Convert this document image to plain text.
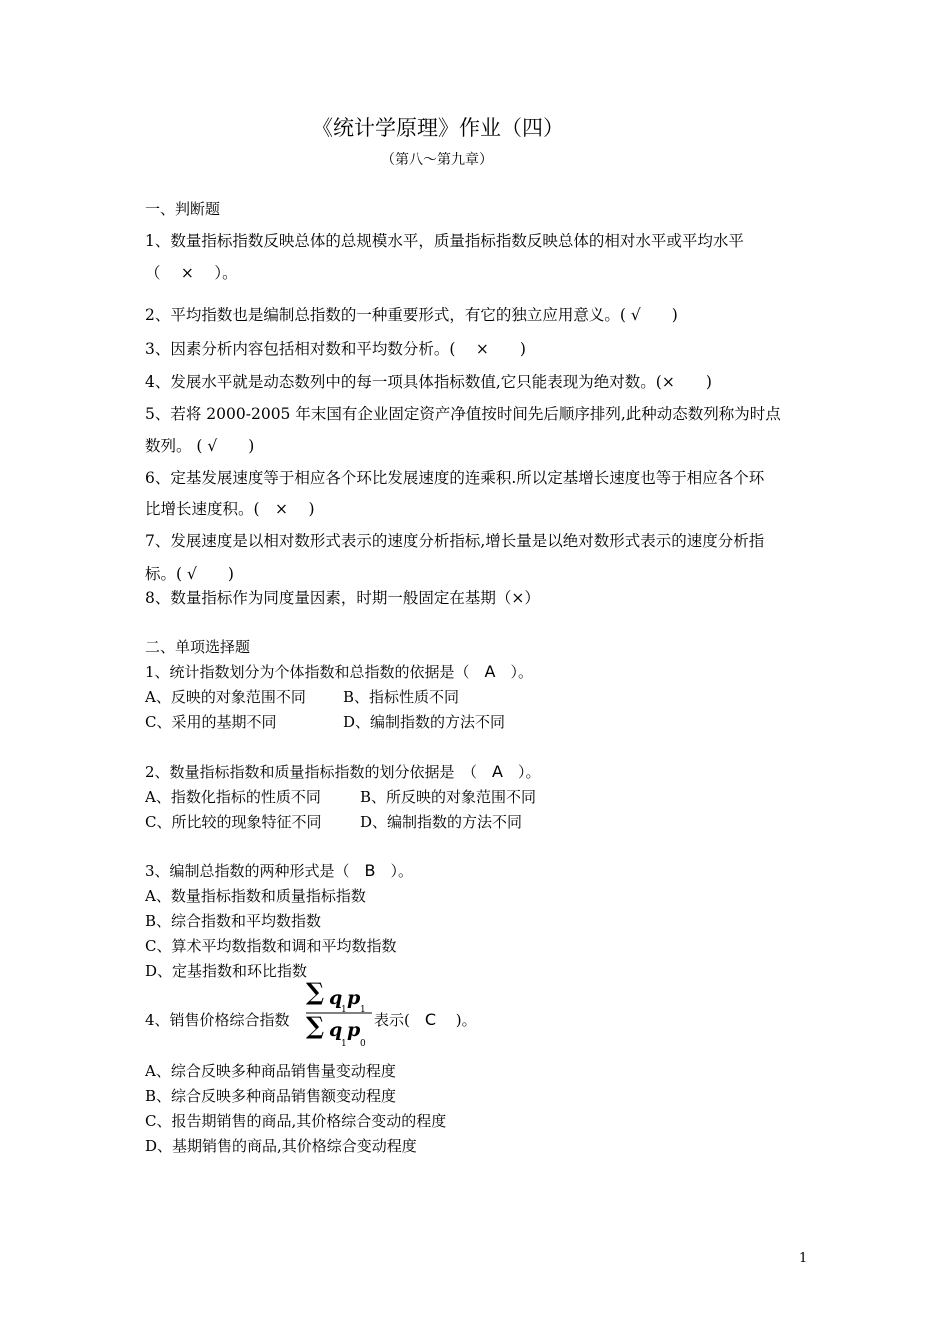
《统计学原理》作业（四）
（第八～第九章）
一、判断题
1、数量指标指数反映总体的总规模水平，质量指标指数反映总体的相对水平或平均水平
（　 ×　 ）。
2、平均指数也是编制总指数的一种重要形式，有它的独立应用意义。( √　　)
3、因素分析内容包括相对数和平均数分析。(　 ×　　)
4、发展水平就是动态数列中的每一项具体指标数值,它只能表现为绝对数。(×　　)
5、若将 2000-2005 年末国有企业固定资产净值按时间先后顺序排列,此种动态数列称为时点
数列。 ( √　　)
6、定基发展速度等于相应各个环比发展速度的连乘积.所以定基增长速度也等于相应各个环
比增长速度积。(　×　 )
7、发展速度是以相对数形式表示的速度分析指标,增长量是以绝对数形式表示的速度分析指
标。( √　　)
8、数量指标作为同度量因素，时期一般固定在基期（×）
二、单项选择题
1、统计指数划分为个体指数和总指数的依据是（　A　）。
A、反映的对象范围不同 B、指标性质不同
C、采用的基期不同	D、编制指数的方法不同
2、数量指标指数和质量指标指数的划分依据是　（　A　）。
A、指数化指标的性质不同	B、所反映的对象范围不同
C、所比较的现象特征不同	D、编制指数的方法不同
3、编制总指数的两种形式是（　B　）。
A、数量指标指数和质量指标指数
B、综合指数和平均数指数
C、算术平均数指数和调和平均数指数
D、定基指数和环比指数
4、销售价格综合指数
∑ q p
1 1
∑ q p
1 0
表示(　C　 )。
A、综合反映多种商品销售量变动程度
B、综合反映多种商品销售额变动程度
C、报告期销售的商品,其价格综合变动的程度
D、基期销售的商品,其价格综合变动程度
1
